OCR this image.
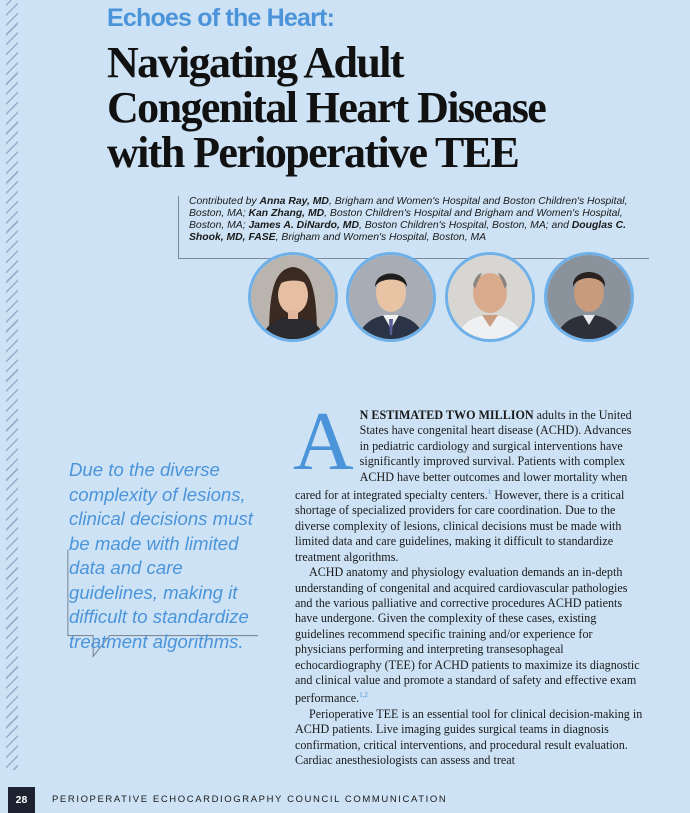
Echoes of the Heart:
Navigating Adult
Congenital Heart Disease
with Perioperative TEE

Contributed by Anna Ray, MD, Brigham and Women's Hospital and Boston Children's Hospital, Boston, MA; Kan Zhang, MD, Boston Children's Hospital and Brigham and Women's Hospital, Boston, MA; James A. DiNardo, MD, Boston Children's Hospital, Boston, MA; and Douglas C. Shook, MD, FASE, Brigham and Women's Hospital, Boston, MA

Due to the diverse complexity of lesions, clinical decisions must be made with limited data and care guidelines, making it difficult to standardize treatment algorithms.

A N ESTIMATED TWO MILLION adults in the United States have congenital heart disease (ACHD). Advances in pediatric cardiology and surgical interventions have significantly improved survival. Patients with complex ACHD have better outcomes and lower mortality when cared for at integrated specialty centers.$^1$ However, there is a critical shortage of specialized providers for care coordination. Due to the diverse complexity of lesions, clinical decisions must be made with limited data and care guidelines, making it difficult to standardize treatment algorithms.

ACHD anatomy and physiology evaluation demands an in-depth understanding of congenital and acquired cardiovascular pathologies and the various palliative and corrective procedures ACHD patients have undergone. Given the complexity of these cases, existing guidelines recommend specific training and/or experience for physicians performing and interpreting transesophageal echocardiography (TEE) for ACHD patients to maximize its diagnostic and clinical value and promote a standard of safety and effective exam performance.$^{1,2}$

Perioperative TEE is an essential tool for clinical decision-making in ACHD patients. Live imaging guides surgical teams in diagnosis confirmation, critical interventions, and procedural result evaluation. Cardiac anesthesiologists can assess and treat

28	PERIOPERATIVE ECHOCARDIOGRAPHY COUNCIL COMMUNICATION
